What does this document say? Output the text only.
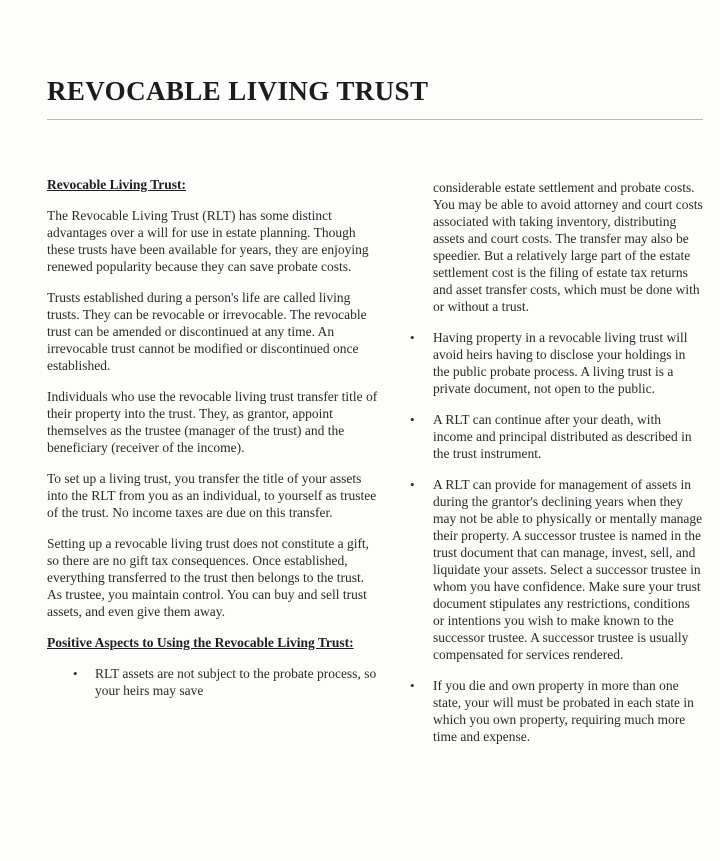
REVOCABLE LIVING TRUST
Revocable Living Trust:

The Revocable Living Trust (RLT) has some distinct advantages over a will for use in estate planning. Though these trusts have been available for years, they are enjoying renewed popularity because they can save probate costs.

Trusts established during a person's life are called living trusts. They can be revocable or irrevocable. The revocable trust can be amended or discontinued at any time. An irrevocable trust cannot be modified or discontinued once established.

Individuals who use the revocable living trust transfer title of their property into the trust. They, as grantor, appoint themselves as the trustee (manager of the trust) and the beneficiary (receiver of the income).

To set up a living trust, you transfer the title of your assets into the RLT from you as an individual, to yourself as trustee of the trust. No income taxes are due on this transfer.

Setting up a revocable living trust does not constitute a gift, so there are no gift tax consequences. Once established, everything transferred to the trust then belongs to the trust. As trustee, you maintain control. You can buy and sell trust assets, and even give them away.

Positive Aspects to Using the Revocable Living Trust:
•	RLT assets are not subject to the probate process, so your heirs may save

considerable estate settlement and probate costs. You may be able to avoid attorney and court costs associated with taking inventory, distributing assets and court costs. The transfer may also be speedier. But a relatively large part of the estate settlement cost is the filing of estate tax returns and asset transfer costs, which must be done with or without a trust.

•	Having property in a revocable living trust will avoid heirs having to disclose your holdings in the public probate process. A living trust is a private document, not open to the public.
•	A RLT can continue after your death, with income and principal distributed as described in the trust instrument.
•	A RLT can provide for management of assets in during the grantor's declining years when they may not be able to physically or mentally manage their property. A successor trustee is named in the trust document that can manage, invest, sell, and liquidate your assets. Select a successor trustee in whom you have confidence. Make sure your trust document stipulates any restrictions, conditions or intentions you wish to make known to the successor trustee. A successor trustee is usually compensated for services rendered.
•	If you die and own property in more than one state, your will must be probated in each state in which you own property, requiring much more time and expense.
